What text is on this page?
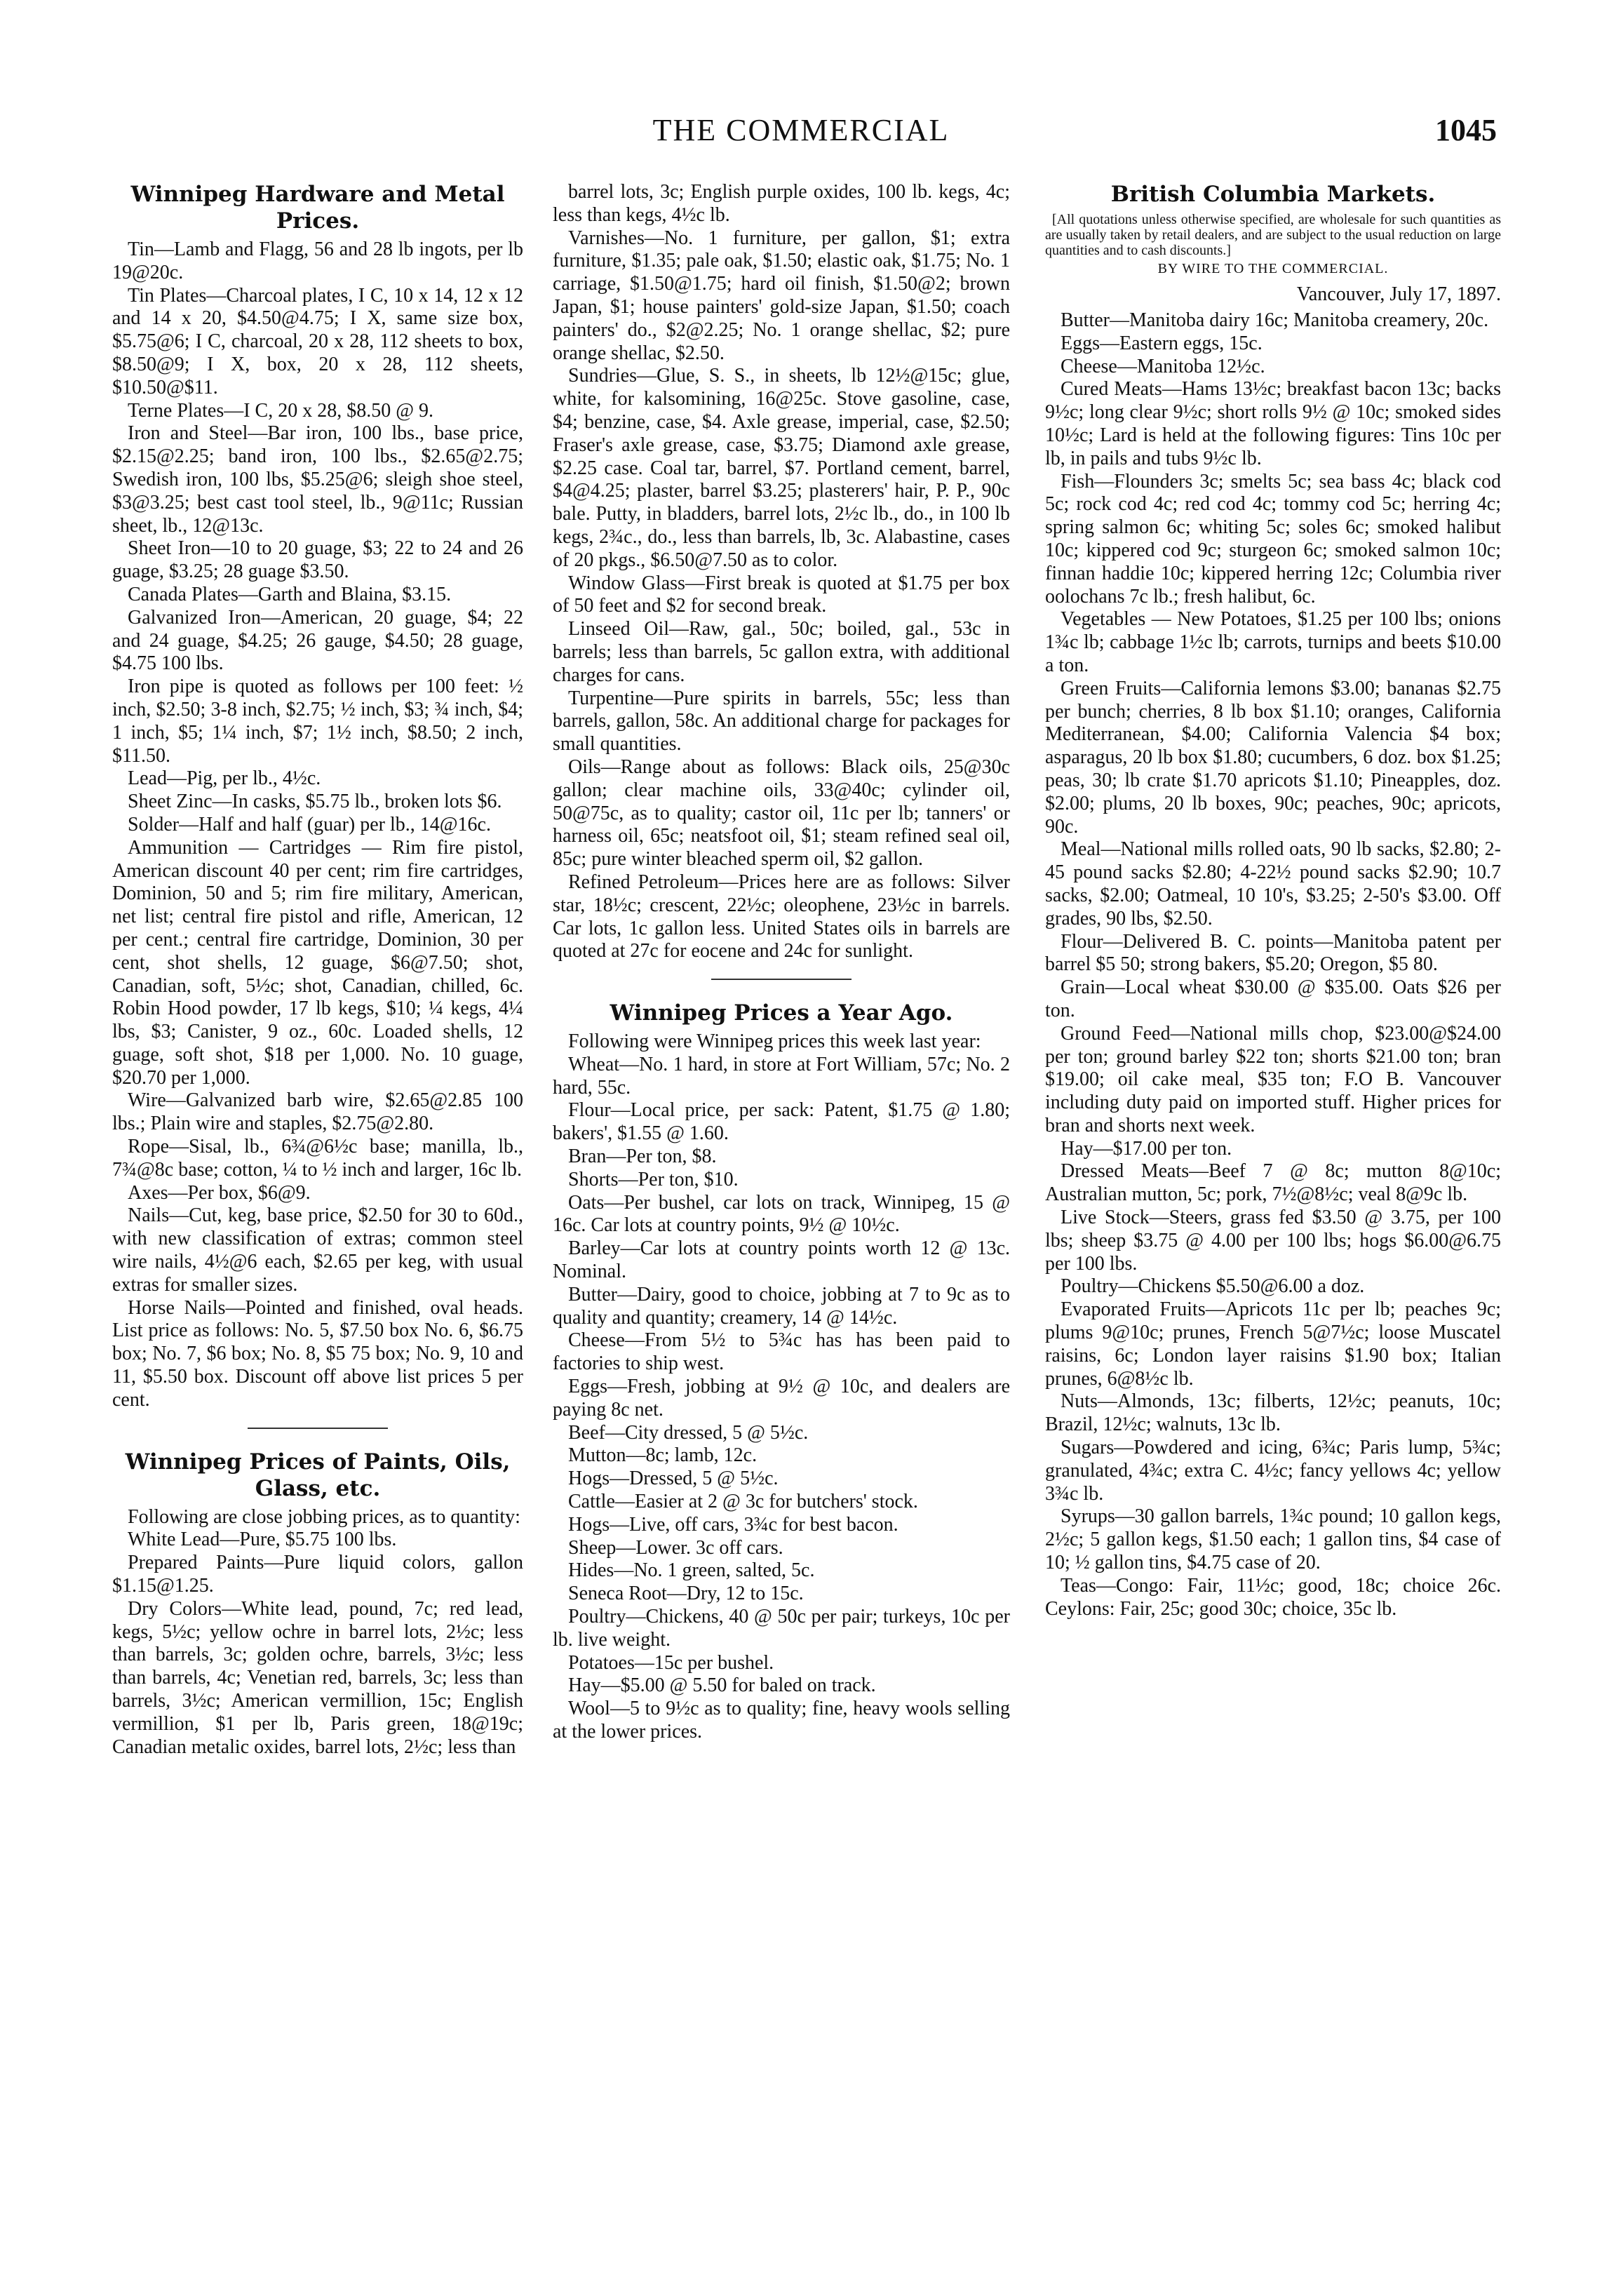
THE COMMERCIAL	1045
Winnipeg Hardware and Metal Prices.

Tin—Lamb and Flagg, 56 and 28 lb ingots, per lb 19@20c.

Tin Plates—Charcoal plates, I C, 10 x 14, 12 x 12 and 14 x 20, $4.50@4.75; I X, same size box, $5.75@6; I C, charcoal, 20 x 28, 112 sheets to box, $8.50@9; I X, box, 20 x 28, 112 sheets, $10.50@$11.

Terne Plates—I C, 20 x 28, $8.50 @ 9.

Iron and Steel—Bar iron, 100 lbs., base price, $2.15@2.25; band iron, 100 lbs., $2.65@2.75; Swedish iron, 100 lbs, $5.25@6; sleigh shoe steel, $3@3.25; best cast tool steel, lb., 9@11c; Russian sheet, lb., 12@13c.

Sheet Iron—10 to 20 guage, $3; 22 to 24 and 26 guage, $3.25; 28 guage $3.50.

Canada Plates—Garth and Blaina, $3.15.

Galvanized Iron—American, 20 guage, $4; 22 and 24 guage, $4.25; 26 gauge, $4.50; 28 guage, $4.75 100 lbs.

Iron pipe is quoted as follows per 100 feet: ½ inch, $2.50; 3-8 inch, $2.75; ½ inch, $3; ¾ inch, $4; 1 inch, $5; 1¼ inch, $7; 1½ inch, $8.50; 2 inch, $11.50.

Lead—Pig, per lb., 4½c.

Sheet Zinc—In casks, $5.75 lb., broken lots $6.

Solder—Half and half (guar) per lb., 14@16c.

Ammunition — Cartridges — Rim fire pistol, American discount 40 per cent; rim fire cartridges, Dominion, 50 and 5; rim fire military, American, net list; central fire pistol and rifle, American, 12 per cent.; central fire cartridge, Dominion, 30 per cent, shot shells, 12 guage, $6@7.50; shot, Canadian, soft, 5½c; shot, Canadian, chilled, 6c. Robin Hood powder, 17 lb kegs, $10; ¼ kegs, 4¼ lbs, $3; Canister, 9 oz., 60c. Loaded shells, 12 guage, soft shot, $18 per 1,000. No. 10 guage, $20.70 per 1,000.

Wire—Galvanized barb wire, $2.65@2.85 100 lbs.; Plain wire and staples, $2.75@2.80.

Rope—Sisal, lb., 6¾@6½c base; manilla, lb., 7¾@8c base; cotton, ¼ to ½ inch and larger, 16c lb.

Axes—Per box, $6@9.

Nails—Cut, keg, base price, $2.50 for 30 to 60d., with new classification of extras; common steel wire nails, 4½@6 each, $2.65 per keg, with usual extras for smaller sizes.

Horse Nails—Pointed and finished, oval heads. List price as follows: No. 5, $7.50 box No. 6, $6.75 box; No. 7, $6 box; No. 8, $5 75 box; No. 9, 10 and 11, $5.50 box. Discount off above list prices 5 per cent.

Winnipeg Prices of Paints, Oils, Glass, etc.

Following are close jobbing prices, as to quantity:

White Lead—Pure, $5.75 100 lbs.

Prepared Paints—Pure liquid colors, gallon $1.15@1.25.

Dry Colors—White lead, pound, 7c; red lead, kegs, 5½c; yellow ochre in barrel lots, 2½c; less than barrels, 3c; golden ochre, barrels, 3½c; less than barrels, 4c; Venetian red, barrels, 3c; less than barrels, 3½c; American vermillion, 15c; English vermillion, $1 per lb, Paris green, 18@19c; Canadian metalic oxides, barrel lots, 2½c; less than

barrel lots, 3c; English purple oxides, 100 lb. kegs, 4c; less than kegs, 4½c lb.

Varnishes—No. 1 furniture, per gallon, $1; extra furniture, $1.35; pale oak, $1.50; elastic oak, $1.75; No. 1 carriage, $1.50@1.75; hard oil finish, $1.50@2; brown Japan, $1; house painters' gold-size Japan, $1.50; coach painters' do., $2@2.25; No. 1 orange shellac, $2; pure orange shellac, $2.50.

Sundries—Glue, S. S., in sheets, lb 12½@15c; glue, white, for kalsomining, 16@25c. Stove gasoline, case, $4; benzine, case, $4. Axle grease, imperial, case, $2.50; Fraser's axle grease, case, $3.75; Diamond axle grease, $2.25 case. Coal tar, barrel, $7. Portland cement, barrel, $4@4.25; plaster, barrel $3.25; plasterers' hair, P. P., 90c bale. Putty, in bladders, barrel lots, 2½c lb., do., in 100 lb kegs, 2¾c., do., less than barrels, lb, 3c. Alabastine, cases of 20 pkgs., $6.50@7.50 as to color.

Window Glass—First break is quoted at $1.75 per box of 50 feet and $2 for second break.

Linseed Oil—Raw, gal., 50c; boiled, gal., 53c in barrels; less than barrels, 5c gallon extra, with additional charges for cans.

Turpentine—Pure spirits in barrels, 55c; less than barrels, gallon, 58c. An additional charge for packages for small quantities.

Oils—Range about as follows: Black oils, 25@30c gallon; clear machine oils, 33@40c; cylinder oil, 50@75c, as to quality; castor oil, 11c per lb; tanners' or harness oil, 65c; neatsfoot oil, $1; steam refined seal oil, 85c; pure winter bleached sperm oil, $2 gallon.

Refined Petroleum—Prices here are as follows: Silver star, 18½c; crescent, 22½c; oleophene, 23½c in barrels. Car lots, 1c gallon less. United States oils in barrels are quoted at 27c for eocene and 24c for sunlight.

Winnipeg Prices a Year Ago.

Following were Winnipeg prices this week last year:

Wheat—No. 1 hard, in store at Fort William, 57c; No. 2 hard, 55c.

Flour—Local price, per sack: Patent, $1.75 @ 1.80; bakers', $1.55 @ 1.60.

Bran—Per ton, $8.

Shorts—Per ton, $10.

Oats—Per bushel, car lots on track, Winnipeg, 15 @ 16c. Car lots at country points, 9½ @ 10½c.

Barley—Car lots at country points worth 12 @ 13c. Nominal.

Butter—Dairy, good to choice, jobbing at 7 to 9c as to quality and quantity; creamery, 14 @ 14½c.

Cheese—From 5½ to 5¾c has has been paid to factories to ship west.

Eggs—Fresh, jobbing at 9½ @ 10c, and dealers are paying 8c net.

Beef—City dressed, 5 @ 5½c.

Mutton—8c; lamb, 12c.

Hogs—Dressed, 5 @ 5½c.

Cattle—Easier at 2 @ 3c for butchers' stock.

Hogs—Live, off cars, 3¾c for best bacon.

Sheep—Lower. 3c off cars.

Hides—No. 1 green, salted, 5c.

Seneca Root—Dry, 12 to 15c.

Poultry—Chickens, 40 @ 50c per pair; turkeys, 10c per lb. live weight.

Potatoes—15c per bushel.

Hay—$5.00 @ 5.50 for baled on track.

Wool—5 to 9½c as to quality; fine, heavy wools selling at the lower prices.

British Columbia Markets.
[All quotations unless otherwise specified, are wholesale for such quantities as are usually taken by retail dealers, and are subject to the usual reduction on large quantities and to cash discounts.]
BY WIRE TO THE COMMERCIAL.
Vancouver, July 17, 1897.

Butter—Manitoba dairy 16c; Manitoba creamery, 20c.

Eggs—Eastern eggs, 15c.

Cheese—Manitoba 12½c.

Cured Meats—Hams 13½c; breakfast bacon 13c; backs 9½c; long clear 9½c; short rolls 9½ @ 10c; smoked sides 10½c; Lard is held at the following figures: Tins 10c per lb, in pails and tubs 9½c lb.

Fish—Flounders 3c; smelts 5c; sea bass 4c; black cod 5c; rock cod 4c; red cod 4c; tommy cod 5c; herring 4c; spring salmon 6c; whiting 5c; soles 6c; smoked halibut 10c; kippered cod 9c; sturgeon 6c; smoked salmon 10c; finnan haddie 10c; kippered herring 12c; Columbia river oolochans 7c lb.; fresh halibut, 6c.

Vegetables — New Potatoes, $1.25 per 100 lbs; onions 1¾c lb; cabbage 1½c lb; carrots, turnips and beets $10.00 a ton.

Green Fruits—California lemons $3.00; bananas $2.75 per bunch; cherries, 8 lb box $1.10; oranges, California Mediterranean, $4.00; California Valencia $4 box; asparagus, 20 lb box $1.80; cucumbers, 6 doz. box $1.25; peas, 30; lb crate $1.70 apricots $1.10; Pineapples, doz. $2.00; plums, 20 lb boxes, 90c; peaches, 90c; apricots, 90c.

Meal—National mills rolled oats, 90 lb sacks, $2.80; 2-45 pound sacks $2.80; 4-22½ pound sacks $2.90; 10.7 sacks, $2.00; Oatmeal, 10 10's, $3.25; 2-50's $3.00. Off grades, 90 lbs, $2.50.

Flour—Delivered B. C. points—Manitoba patent per barrel $5 50; strong bakers, $5.20; Oregon, $5 80.

Grain—Local wheat $30.00 @ $35.00. Oats $26 per ton.

Ground Feed—National mills chop, $23.00@$24.00 per ton; ground barley $22 ton; shorts $21.00 ton; bran $19.00; oil cake meal, $35 ton; F.O B. Vancouver including duty paid on imported stuff. Higher prices for bran and shorts next week.

Hay—$17.00 per ton.

Dressed Meats—Beef 7 @ 8c; mutton 8@10c; Australian mutton, 5c; pork, 7½@8½c; veal 8@9c lb.

Live Stock—Steers, grass fed $3.50 @ 3.75, per 100 lbs; sheep $3.75 @ 4.00 per 100 lbs; hogs $6.00@6.75 per 100 lbs.

Poultry—Chickens $5.50@6.00 a doz.

Evaporated Fruits—Apricots 11c per lb; peaches 9c; plums 9@10c; prunes, French 5@7½c; loose Muscatel raisins, 6c; London layer raisins $1.90 box; Italian prunes, 6@8½c lb.

Nuts—Almonds, 13c; filberts, 12½c; peanuts, 10c; Brazil, 12½c; walnuts, 13c lb.

Sugars—Powdered and icing, 6¾c; Paris lump, 5¾c; granulated, 4¾c; extra C. 4½c; fancy yellows 4c; yellow 3¾c lb.

Syrups—30 gallon barrels, 1¾c pound; 10 gallon kegs, 2½c; 5 gallon kegs, $1.50 each; 1 gallon tins, $4 case of 10; ½ gallon tins, $4.75 case of 20.

Teas—Congo: Fair, 11½c; good, 18c; choice 26c. Ceylons: Fair, 25c; good 30c; choice, 35c lb.
